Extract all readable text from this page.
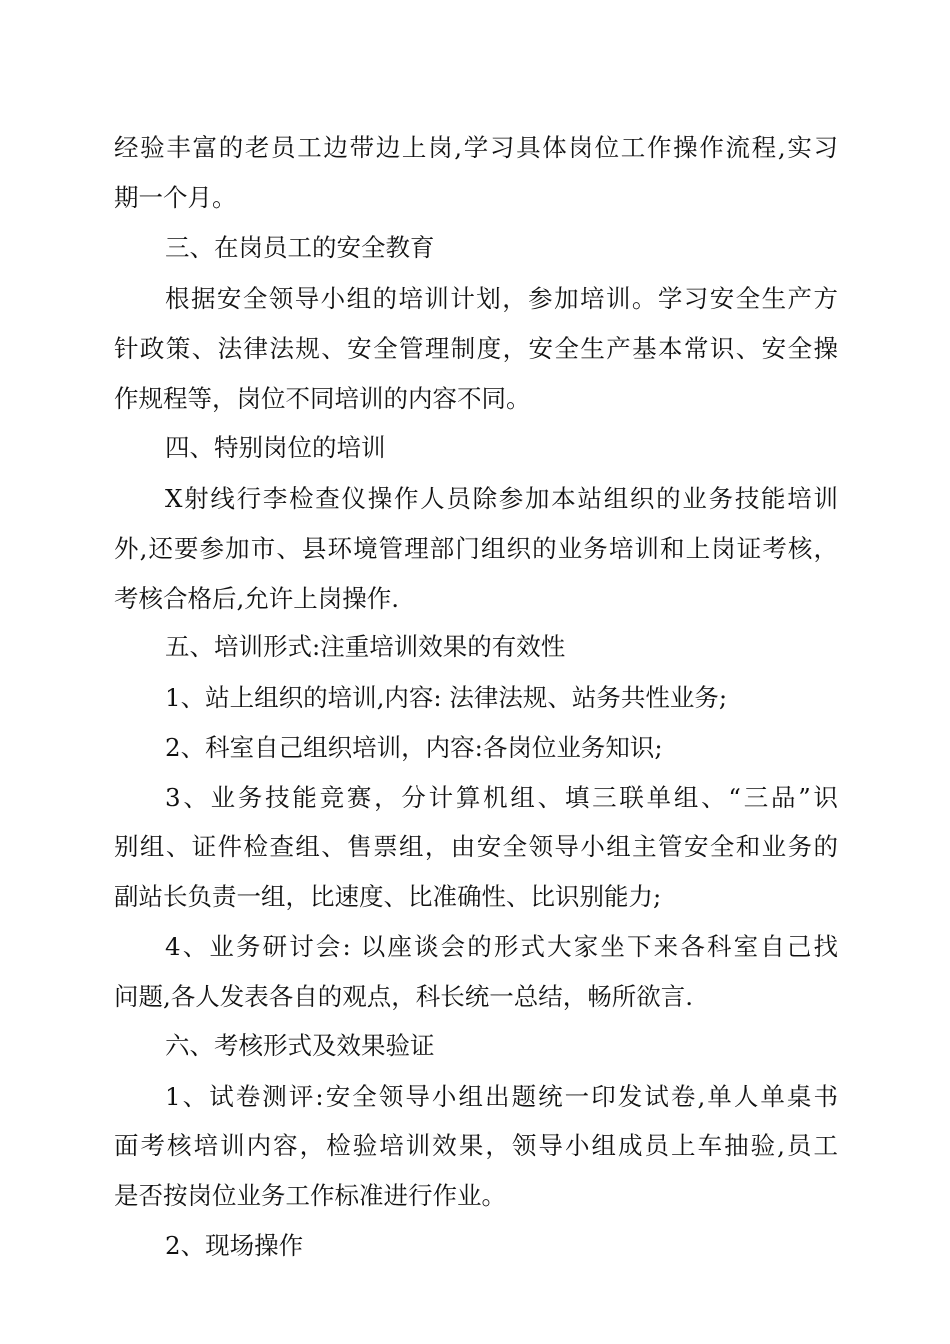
经验丰富的老员工边带边上岗,学习具体岗位工作操作流程,实习

期一个月。

三、在岗员工的安全教育

根据安全领导小组的培训计划，参加培训。学习安全生产方

针政策、法律法规、安全管理制度，安全生产基本常识、安全操

作规程等，岗位不同培训的内容不同。

四、特别岗位的培训

X射线行李检查仪操作人员除参加本站组织的业务技能培训

外,还要参加市、县环境管理部门组织的业务培训和上岗证考核，

考核合格后,允许上岗操作.

五、培训形式:注重培训效果的有效性

1、站上组织的培训,内容: 法律法规、站务共性业务;

2、科室自己组织培训，内容:各岗位业务知识;

3、业务技能竞赛，分计算机组、填三联单组、“三品”识

别组、证件检查组、售票组，由安全领导小组主管安全和业务的

副站长负责一组，比速度、比准确性、比识别能力;

4、业务研讨会: 以座谈会的形式大家坐下来各科室自己找

问题,各人发表各自的观点，科长统一总结，畅所欲言.

六、考核形式及效果验证

1、试卷测评:安全领导小组出题统一印发试卷,单人单桌书

面考核培训内容，检验培训效果，领导小组成员上车抽验,员工

是否按岗位业务工作标准进行作业。

2、现场操作
